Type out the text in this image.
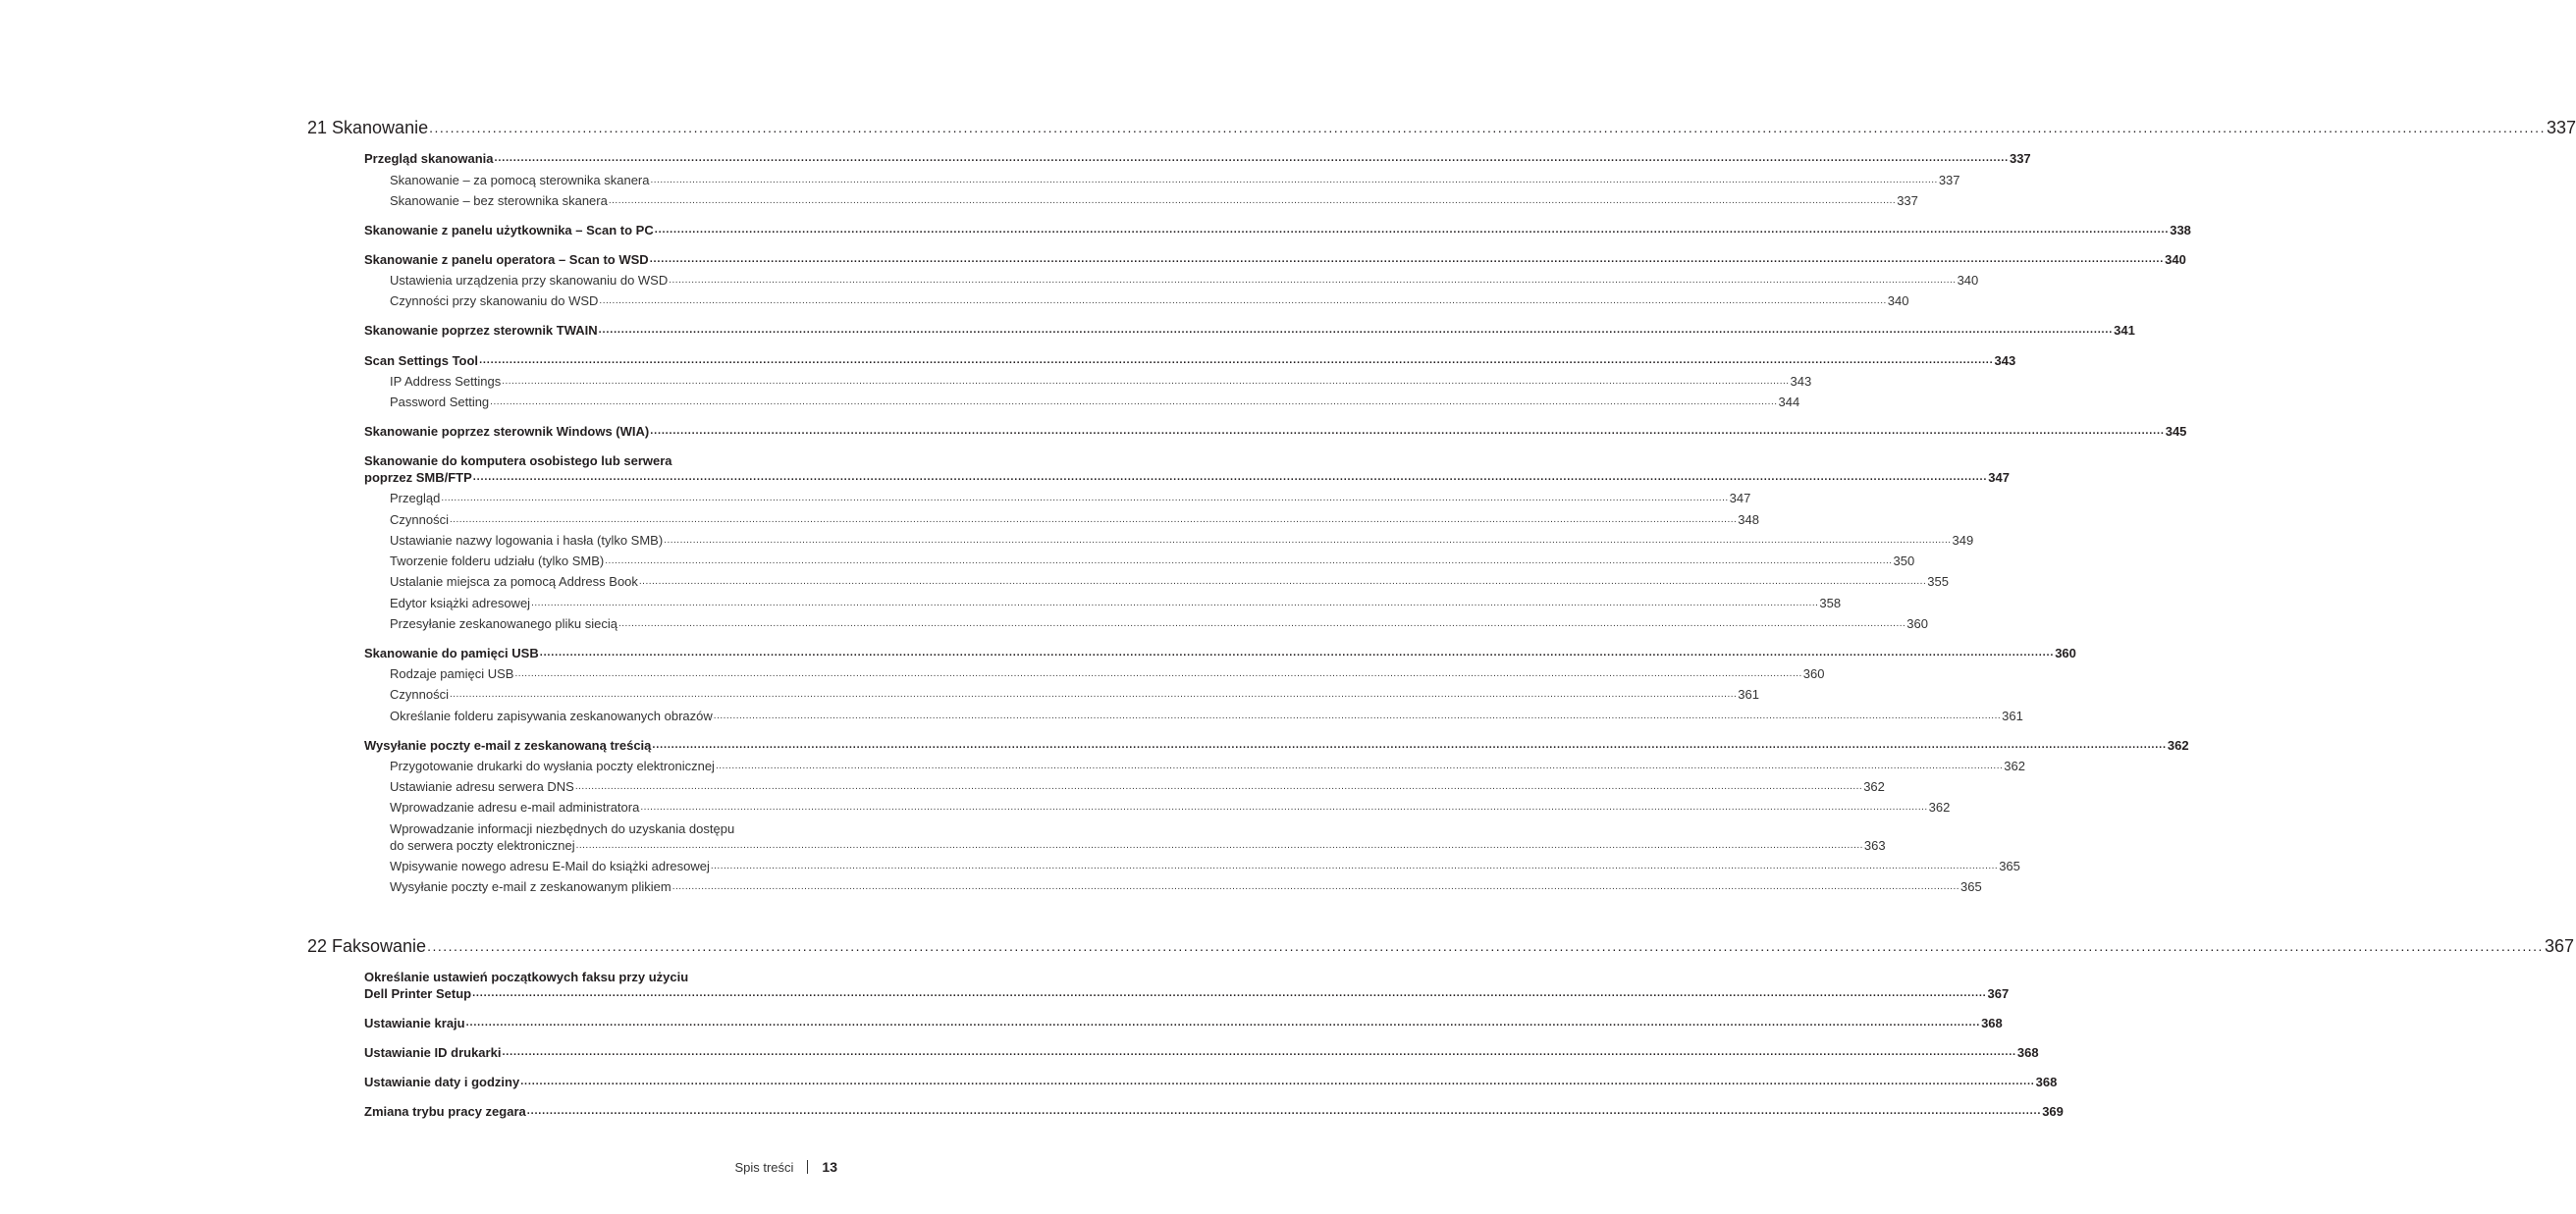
21 Skanowanie ................................................................................................................................................................................................................................................................................................................................................................................................................ 337
Przegląd skanowania ................................................................................................................................................................................................................................................................................................................................................................................................................ 337
Skanowanie – za pomocą sterownika skanera ................................................................................................................................................................................................................................................................................................................................................................................................................ 337
Skanowanie – bez sterownika skanera ................................................................................................................................................................................................................................................................................................................................................................................................................ 337
Skanowanie z panelu użytkownika – Scan to PC ................................................................................................................................................................................................................................................................................................................................................................................................................ 338
Skanowanie z panelu operatora – Scan to WSD ................................................................................................................................................................................................................................................................................................................................................................................................................ 340
Ustawienia urządzenia przy skanowaniu do WSD ................................................................................................................................................................................................................................................................................................................................................................................................................ 340
Czynności przy skanowaniu do WSD ................................................................................................................................................................................................................................................................................................................................................................................................................ 340
Skanowanie poprzez sterownik TWAIN ................................................................................................................................................................................................................................................................................................................................................................................................................ 341
Scan Settings Tool ................................................................................................................................................................................................................................................................................................................................................................................................................ 343
IP Address Settings ................................................................................................................................................................................................................................................................................................................................................................................................................ 343
Password Setting ................................................................................................................................................................................................................................................................................................................................................................................................................ 344
Skanowanie poprzez sterownik Windows (WIA) ................................................................................................................................................................................................................................................................................................................................................................................................................ 345
Skanowanie do komputera osobistego lub serwera
poprzez SMB/FTP ................................................................................................................................................................................................................................................................................................................................................................................................................ 347
Przegląd ................................................................................................................................................................................................................................................................................................................................................................................................................ 347
Czynności ................................................................................................................................................................................................................................................................................................................................................................................................................ 348
Ustawianie nazwy logowania i hasła (tylko SMB) ................................................................................................................................................................................................................................................................................................................................................................................................................ 349
Tworzenie folderu udziału (tylko SMB) ................................................................................................................................................................................................................................................................................................................................................................................................................ 350
Ustalanie miejsca za pomocą Address Book ................................................................................................................................................................................................................................................................................................................................................................................................................ 355
Edytor książki adresowej ................................................................................................................................................................................................................................................................................................................................................................................................................ 358
Przesyłanie zeskanowanego pliku siecią ................................................................................................................................................................................................................................................................................................................................................................................................................ 360
Skanowanie do pamięci USB ................................................................................................................................................................................................................................................................................................................................................................................................................ 360
Rodzaje pamięci USB ................................................................................................................................................................................................................................................................................................................................................................................................................ 360
Czynności ................................................................................................................................................................................................................................................................................................................................................................................................................ 361
Określanie folderu zapisywania zeskanowanych obrazów ................................................................................................................................................................................................................................................................................................................................................................................................................ 361
Wysyłanie poczty e-mail z zeskanowaną treścią ................................................................................................................................................................................................................................................................................................................................................................................................................ 362
Przygotowanie drukarki do wysłania poczty elektronicznej ................................................................................................................................................................................................................................................................................................................................................................................................................ 362
Ustawianie adresu serwera DNS ................................................................................................................................................................................................................................................................................................................................................................................................................ 362
Wprowadzanie adresu e-mail administratora ................................................................................................................................................................................................................................................................................................................................................................................................................ 362
Wprowadzanie informacji niezbędnych do uzyskania dostępu
do serwera poczty elektronicznej ................................................................................................................................................................................................................................................................................................................................................................................................................ 363
Wpisywanie nowego adresu E-Mail do książki adresowej ................................................................................................................................................................................................................................................................................................................................................................................................................ 365
Wysyłanie poczty e-mail z zeskanowanym plikiem ................................................................................................................................................................................................................................................................................................................................................................................................................ 365
22 Faksowanie ................................................................................................................................................................................................................................................................................................................................................................................................................ 367
Określanie ustawień początkowych faksu przy użyciu
Dell Printer Setup ................................................................................................................................................................................................................................................................................................................................................................................................................ 367
Ustawianie kraju ................................................................................................................................................................................................................................................................................................................................................................................................................ 368
Ustawianie ID drukarki ................................................................................................................................................................................................................................................................................................................................................................................................................ 368
Ustawianie daty i godziny ................................................................................................................................................................................................................................................................................................................................................................................................................ 368
Zmiana trybu pracy zegara ................................................................................................................................................................................................................................................................................................................................................................................................................ 369
Spis treści 13
